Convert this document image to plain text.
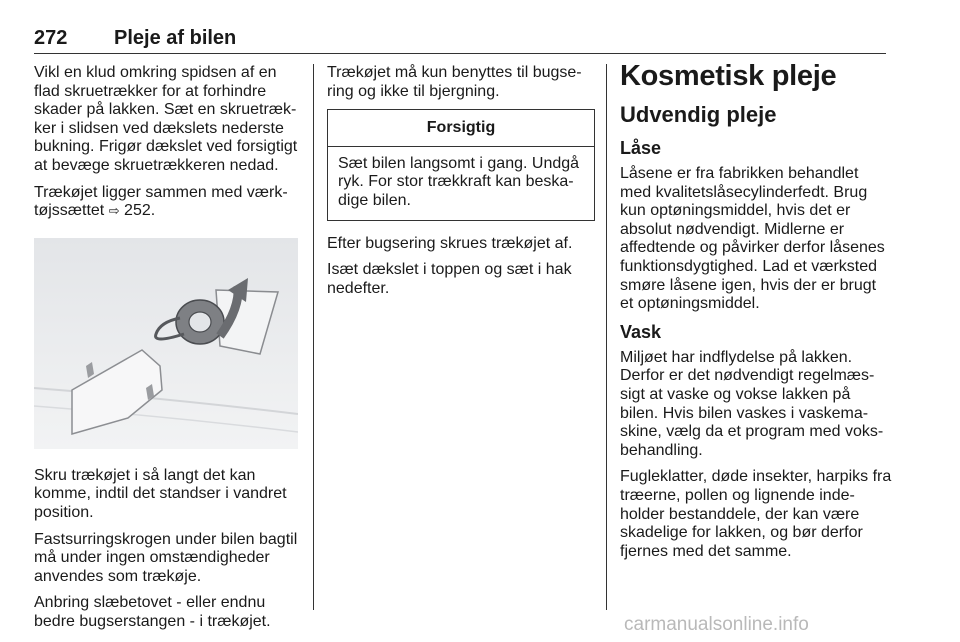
272 Pleje af bilen

Vikl en klud omkring spidsen af en flad skruetrækker for at forhindre skader på lakken. Sæt en skruetrækker i slidsen ved dækslets nederste bukning. Frigør dækslet ved forsigtigt at bevæge skruetrækkeren nedad.

Trækøjet ligger sammen med værktøjssættet ⇨ 252.

Skru trækøjet i så langt det kan komme, indtil det standser i vandret position.

Fastsurringskrogen under bilen bagtil må under ingen omstændigheder anvendes som trækøje.

Anbring slæbetovet - eller endnu bedre bugserstangen - i trækøjet.

Trækøjet må kun benyttes til bugsering og ikke til bjergning.

Forsigtig
Sæt bilen langsomt i gang. Undgå ryk. For stor trækkraft kan beskadige bilen.

Efter bugsering skrues trækøjet af.

Isæt dækslet i toppen og sæt i hak nedefter.

Kosmetisk pleje
Udvendig pleje
Låse

Låsene er fra fabrikken behandlet med kvalitetslåsecylinderfedt. Brug kun optøningsmiddel, hvis det er absolut nødvendigt. Midlerne er affedtende og påvirker derfor låsenes funktionsdygtighed. Lad et værksted smøre låsene igen, hvis der er brugt et optøningsmiddel.

Vask

Miljøet har indflydelse på lakken. Derfor er det nødvendigt regelmæssigt at vaske og vokse lakken på bilen. Hvis bilen vaskes i vaskemaskine, vælg da et program med voksbehandling.

Fugleklatter, døde insekter, harpiks fra træerne, pollen og lignende indeholder bestanddele, der kan være skadelige for lakken, og bør derfor fjernes med det samme.

carmanualsonline.info
